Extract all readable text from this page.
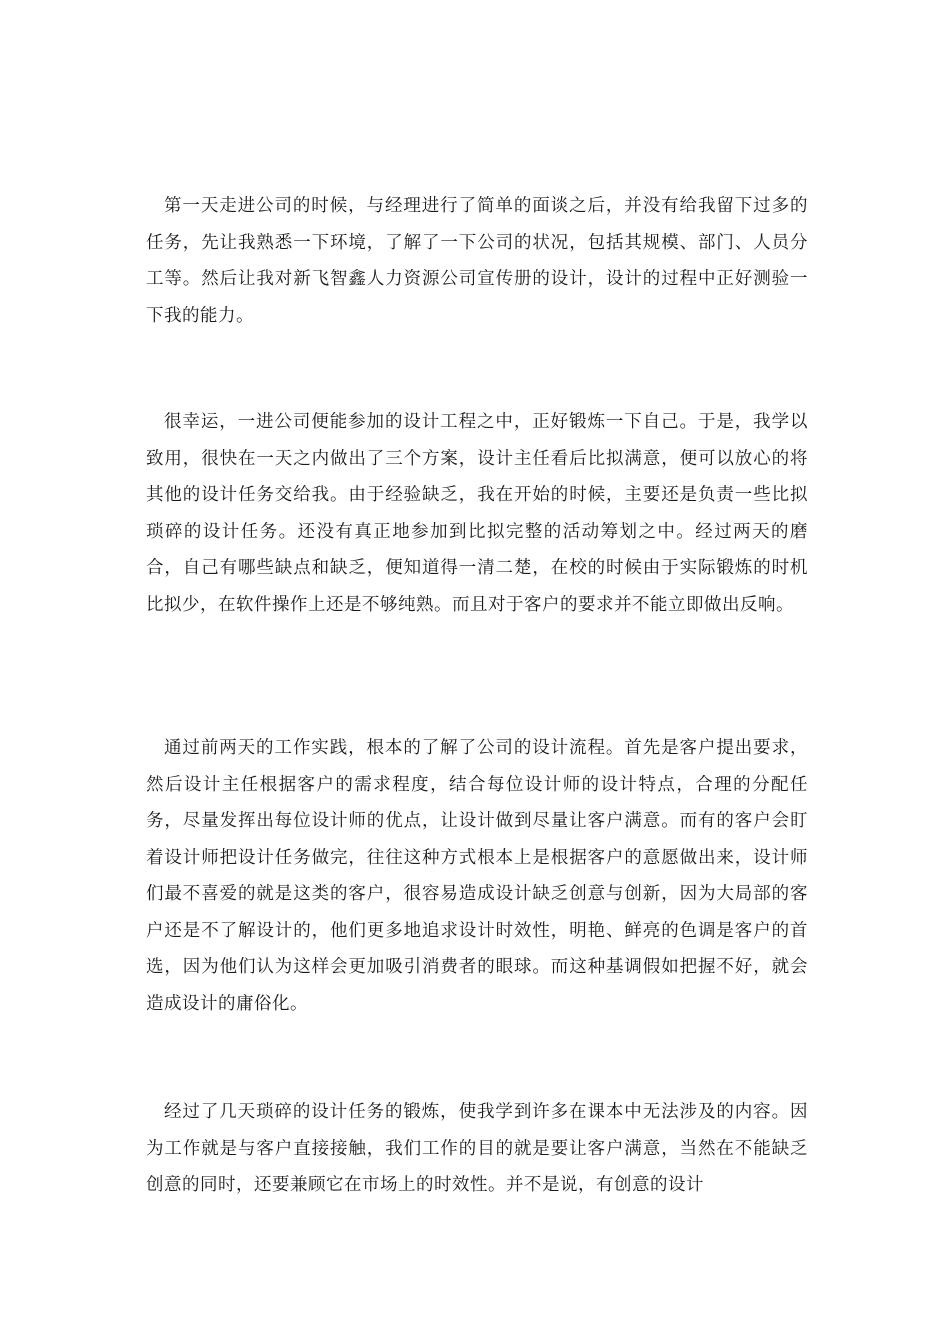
第一天走进公司的时候，与经理进行了简单的面谈之后，并没有给我留下过多的任务，先让我熟悉一下环境，了解了一下公司的状况，包括其规模、部门、人员分工等。然后让我对新飞智鑫人力资源公司宣传册的设计，设计的过程中正好测验一下我的能力。

很幸运，一进公司便能参加的设计工程之中，正好锻炼一下自己。于是，我学以致用，很快在一天之内做出了三个方案，设计主任看后比拟满意，便可以放心的将其他的设计任务交给我。由于经验缺乏，我在开始的时候，主要还是负责一些比拟琐碎的设计任务。还没有真正地参加到比拟完整的活动筹划之中。经过两天的磨合，自己有哪些缺点和缺乏，便知道得一清二楚，在校的时候由于实际锻炼的时机比拟少，在软件操作上还是不够纯熟。而且对于客户的要求并不能立即做出反响。

通过前两天的工作实践，根本的了解了公司的设计流程。首先是客户提出要求，然后设计主任根据客户的需求程度，结合每位设计师的设计特点，合理的分配任务，尽量发挥出每位设计师的优点，让设计做到尽量让客户满意。而有的客户会盯着设计师把设计任务做完，往往这种方式根本上是根据客户的意愿做出来，设计师们最不喜爱的就是这类的客户，很容易造成设计缺乏创意与创新，因为大局部的客户还是不了解设计的，他们更多地追求设计时效性，明艳、鲜亮的色调是客户的首选，因为他们认为这样会更加吸引消费者的眼球。而这种基调假如把握不好，就会造成设计的庸俗化。

经过了几天琐碎的设计任务的锻炼，使我学到许多在课本中无法涉及的内容。因为工作就是与客户直接接触，我们工作的目的就是要让客户满意，当然在不能缺乏创意的同时，还要兼顾它在市场上的时效性。并不是说，有创意的设计
